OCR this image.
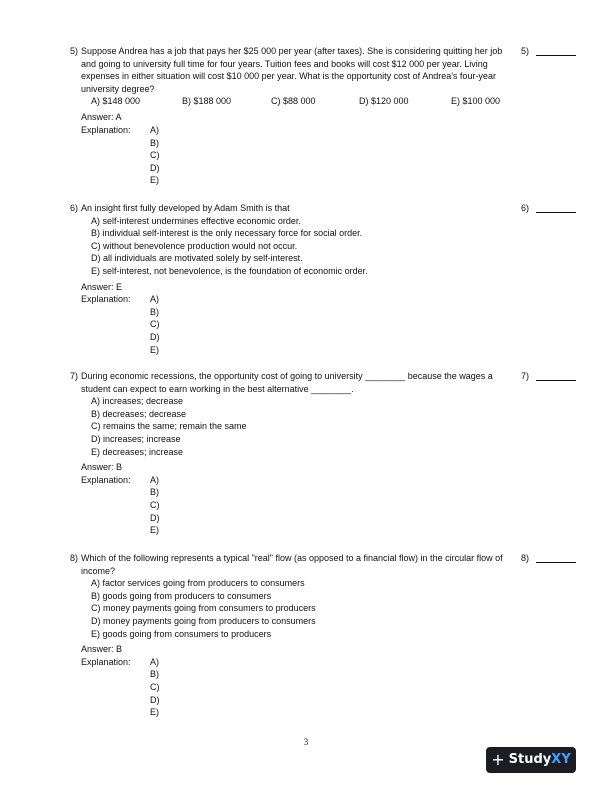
5) Suppose Andrea has a job that pays her $25 000 per year (after taxes). She is considering quitting her job and going to university full time for four years. Tuition fees and books will cost $12 000 per year. Living expenses in either situation will cost $10 000 per year. What is the opportunity cost of Andrea's four-year university degree?

5)
A) $148 000	B) $188 000	C) $88 000	D) $120 000	E) $100 000
Answer: A
Explanation: A)
B)
C)
D)
E)

6) An insight first fully developed by Adam Smith is that	6)
A) self-interest undermines effective economic order.
B) individual self-interest is the only necessary force for social order.
C) without benevolence production would not occur.
D) all individuals are motivated solely by self-interest.
E) self-interest, not benevolence, is the foundation of economic order.
Answer: E
Explanation: A)
B)
C)
D)
E)

7) During economic recessions, the opportunity cost of going to university ________ because the wages a student can expect to earn working in the best alternative ________.

7)
A) increases; decrease
B) decreases; decrease
C) remains the same; remain the same
D) increases; increase
E) decreases; increase
Answer: B
Explanation: A)
B)
C)
D)
E)

8) Which of the following represents a typical "real" flow (as opposed to a financial flow) in the circular flow of income?

8)
A) factor services going from producers to consumers
B) goods going from producers to consumers
C) money payments going from consumers to producers
D) money payments going from producers to consumers
E) goods going from consumers to producers
Answer: B
Explanation: A)
B)
C)
D)
E)
3
+ Study XY
